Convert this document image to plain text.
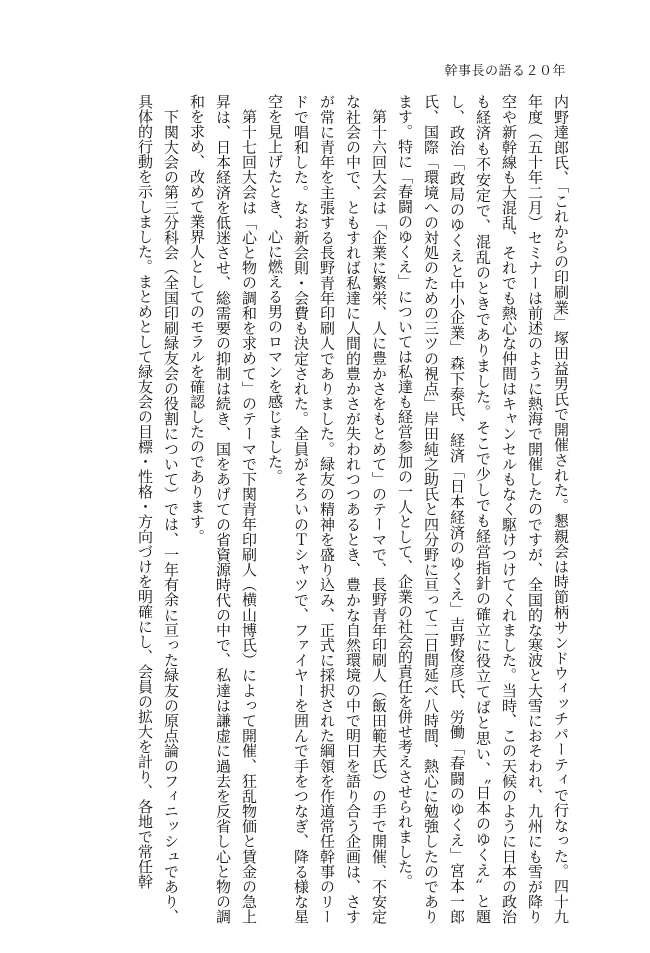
幹事長の語る２０年

内野達郎氏、「これからの印刷業」塚田益男氏で開催された。懇親会は時節柄サンドウィッチパーティで行なった。四十九年度（五十年二月）セミナーは前述のように熱海で開催したのですが、全国的な寒波と大雪におそわれ、九州にも雪が降り空や新幹線も大混乱、それでも熱心な仲間はキャンセルもなく駆けつけてくれました。当時、この天候のように日本の政治も経済も不安定で、混乱のときでありました。そこで少しでも経営指針の確立に役立てばと思い、〝日本のゆくえ〟と題し、政治「政局のゆくえと中小企業」森下泰氏、経済「日本経済のゆくえ」吉野俊彦氏、労働「春闘のゆくえ」宮本一郎氏、国際「環境への対処のための三ツの視点」岸田純之助氏と四分野に亘って二日間延べ八時間、熱心に勉強したのであります。特に「春闘のゆくえ」については私達も経営参加の一人として、企業の社会的責任を併せ考えさせられました。

第十六回大会は「企業に繁栄、人に豊かさをもとめて」のテーマで、長野青年印刷人（飯田範夫氏）の手で開催、不安定な社会の中で、ともすれば私達に人間的豊かさが失われつつあるとき、豊かな自然環境の中で明日を語り合う企画は、さすが常に青年を主張する長野青年印刷人でありました。緑友の精神を盛り込み、正式に採択された綱領を作道常任幹事のリードで唱和した。なお新会則・会費も決定された。全員がそろいのＴシャツで、ファイヤーを囲んで手をつなぎ、降る様な星空を見上げたとき、心に燃える男のロマンを感じました。

第十七回大会は「心と物の調和を求めて」のテーマで下関青年印刷人（横山博氏）によって開催、狂乱物価と賃金の急上昇は、日本経済を低迷させ、総需要の抑制は続き、国をあげての省資源時代の中で、私達は謙虚に過去を反省し心と物の調和を求め、改めて業界人としてのモラルを確認したのであります。

下関大会の第三分科会（全国印刷緑友会の役割について）では、一年有余に亘った緑友の原点論のフィニッシュであり、具体的行動を示しました。まとめとして緑友会の目標・性格・方向づけを明確にし、会員の拡大を計り、各地で常任幹
